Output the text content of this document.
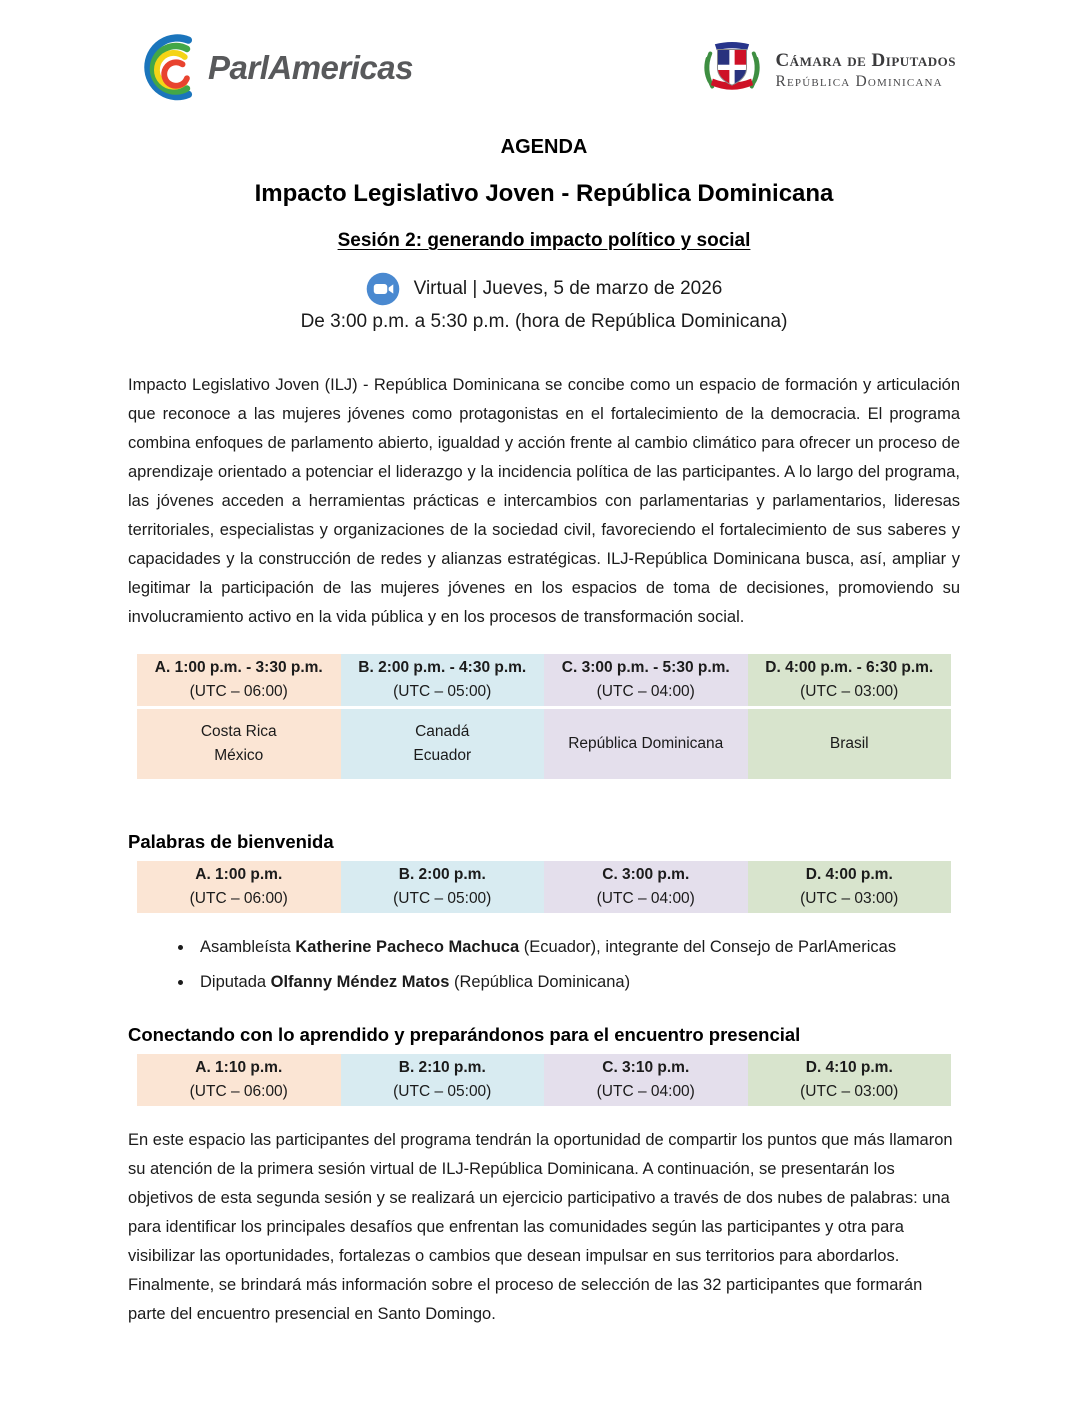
ParlAmericas	Cámara de Diputados
República Dominicana
AGENDA
Impacto Legislativo Joven - República Dominicana
Sesión 2: generando impacto político y social
Virtual | Jueves, 5 de marzo de 2026
De 3:00 p.m. a 5:30 p.m. (hora de República Dominicana)

Impacto Legislativo Joven (ILJ) - República Dominicana se concibe como un espacio de formación y articulación que reconoce a las mujeres jóvenes como protagonistas en el fortalecimiento de la democracia. El programa combina enfoques de parlamento abierto, igualdad y acción frente al cambio climático para ofrecer un proceso de aprendizaje orientado a potenciar el liderazgo y la incidencia política de las participantes. A lo largo del programa, las jóvenes acceden a herramientas prácticas e intercambios con parlamentarias y parlamentarios, lideresas territoriales, especialistas y organizaciones de la sociedad civil, favoreciendo el fortalecimiento de sus saberes y capacidades y la construcción de redes y alianzas estratégicas. ILJ-República Dominicana busca, así, ampliar y legitimar la participación de las mujeres jóvenes en los espacios de toma de decisiones, promoviendo su involucramiento activo en la vida pública y en los procesos de transformación social.

A. 1:00 p.m. - 3:30 p.m.
(UTC – 06:00)
Costa Rica
México
B. 2:00 p.m. - 4:30 p.m.
(UTC – 05:00)
Canadá
Ecuador
C. 3:00 p.m. - 5:30 p.m.
(UTC – 04:00)
República Dominicana
D. 4:00 p.m. - 6:30 p.m.
(UTC – 03:00)
Brasil
Palabras de bienvenida
A. 1:00 p.m.
(UTC – 06:00)
B. 2:00 p.m.
(UTC – 05:00)
C. 3:00 p.m.
(UTC – 04:00)
D. 4:00 p.m.
(UTC – 03:00)
• Asambleísta Katherine Pacheco Machuca (Ecuador), integrante del Consejo de ParlAmericas
• Diputada Olfanny Méndez Matos (República Dominicana)
Conectando con lo aprendido y preparándonos para el encuentro presencial
A. 1:10 p.m.
(UTC – 06:00)
B. 2:10 p.m.
(UTC – 05:00)
C. 3:10 p.m.
(UTC – 04:00)
D. 4:10 p.m.
(UTC – 03:00)

En este espacio las participantes del programa tendrán la oportunidad de compartir los puntos que más llamaron su atención de la primera sesión virtual de ILJ-República Dominicana. A continuación, se presentarán los objetivos de esta segunda sesión y se realizará un ejercicio participativo a través de dos nubes de palabras: una para identificar los principales desafíos que enfrentan las comunidades según las participantes y otra para visibilizar las oportunidades, fortalezas o cambios que desean impulsar en sus territorios para abordarlos. Finalmente, se brindará más información sobre el proceso de selección de las 32 participantes que formarán parte del encuentro presencial en Santo Domingo.
